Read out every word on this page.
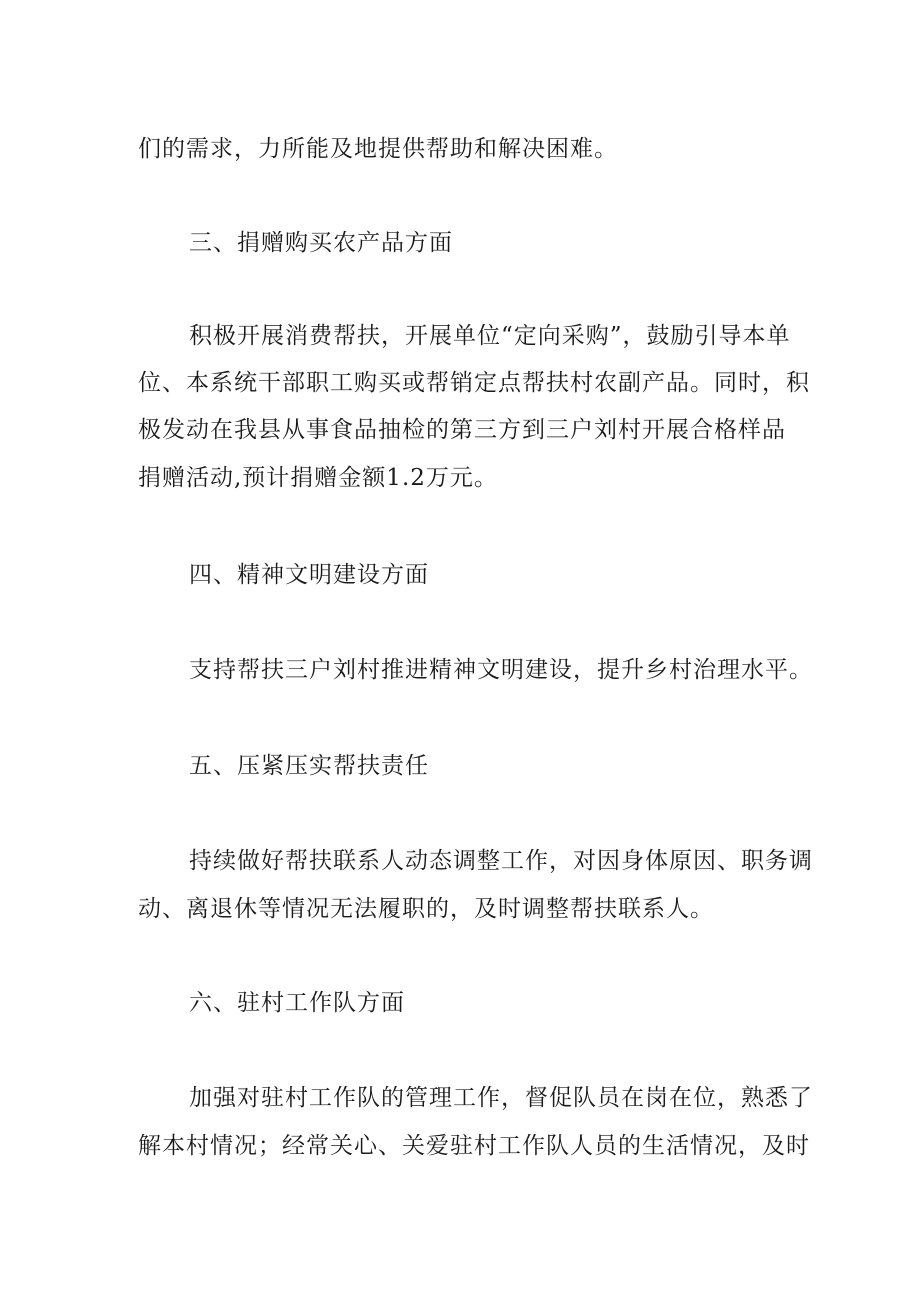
们的需求，力所能及地提供帮助和解决困难。
三、捐赠购买农产品方面
积极开展消费帮扶，开展单位“定向采购”，鼓励引导本单
位、本系统干部职工购买或帮销定点帮扶村农副产品。同时，积
极发动在我县从事食品抽检的第三方到三户刘村开展合格样品
捐赠活动,预计捐赠金额1.2万元。
四、精神文明建设方面
支持帮扶三户刘村推进精神文明建设，提升乡村治理水平。
五、压紧压实帮扶责任
持续做好帮扶联系人动态调整工作，对因身体原因、职务调
动、离退休等情况无法履职的，及时调整帮扶联系人。
六、驻村工作队方面
加强对驻村工作队的管理工作，督促队员在岗在位，熟悉了
解本村情况；经常关心、关爱驻村工作队人员的生活情况，及时
